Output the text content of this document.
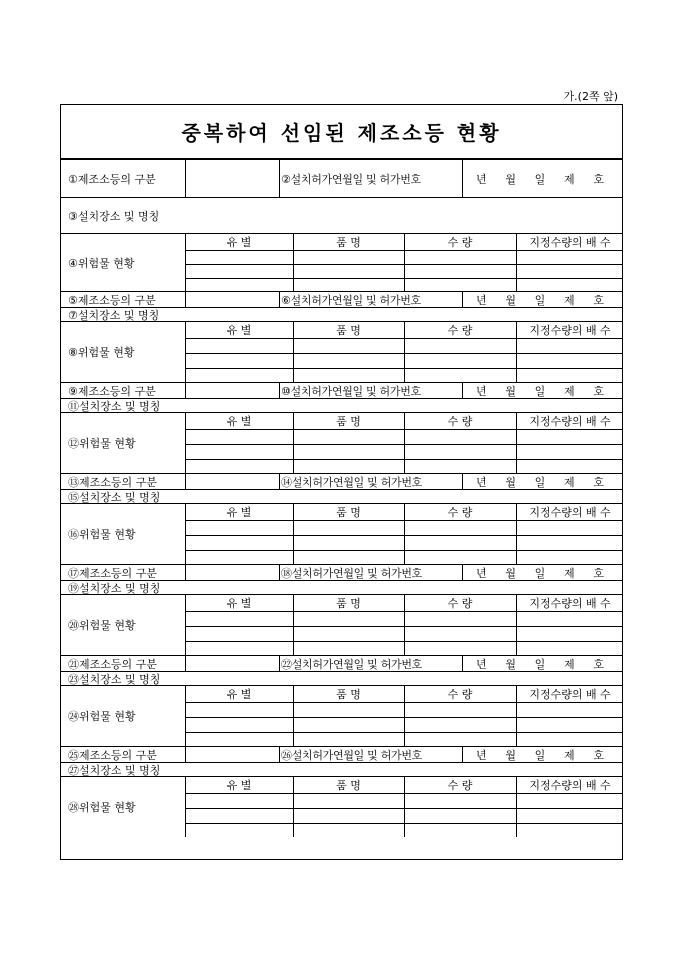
가.(2쪽 앞)
중복하여 선임된 제조소등 현황
①제조소등의 구분	②설치허가연월일 및 허가번호	년 월 일 제 호
③설치장소 및 명칭
④위험물 현황
유 별	품 명	수 량	지정수량의 배 수
⑤제조소등의 구분	⑥설치허가연월일 및 허가번호	년 월 일 제 호
⑦설치장소 및 명칭
⑧위험물 현황
유 별	품 명	수 량	지정수량의 배 수
⑨제조소등의 구분	⑩설치허가연월일 및 허가번호	년 월 일 제 호
⑪설치장소 및 명칭
⑫위험물 현황
유 별	품 명	수 량	지정수량의 배 수
⑬제조소등의 구분	⑭설치허가연월일 및 허가번호	년 월 일 제 호
⑮설치장소 및 명칭
⑯위험물 현황
유 별	품 명	수 량	지정수량의 배 수
⑰제조소등의 구분	⑱설치허가연월일 및 허가번호	년 월 일 제 호
⑲설치장소 및 명칭
⑳위험물 현황
유 별	품 명	수 량	지정수량의 배 수
㉑제조소등의 구분	㉒설치허가연월일 및 허가번호	년 월 일 제 호
㉓설치장소 및 명칭
㉔위험물 현황
유 별	품 명	수 량	지정수량의 배 수
㉕제조소등의 구분	㉖설치허가연월일 및 허가번호	년 월 일 제 호
㉗설치장소 및 명칭
㉘위험물 현황
유 별	품 명	수 량	지정수량의 배 수
